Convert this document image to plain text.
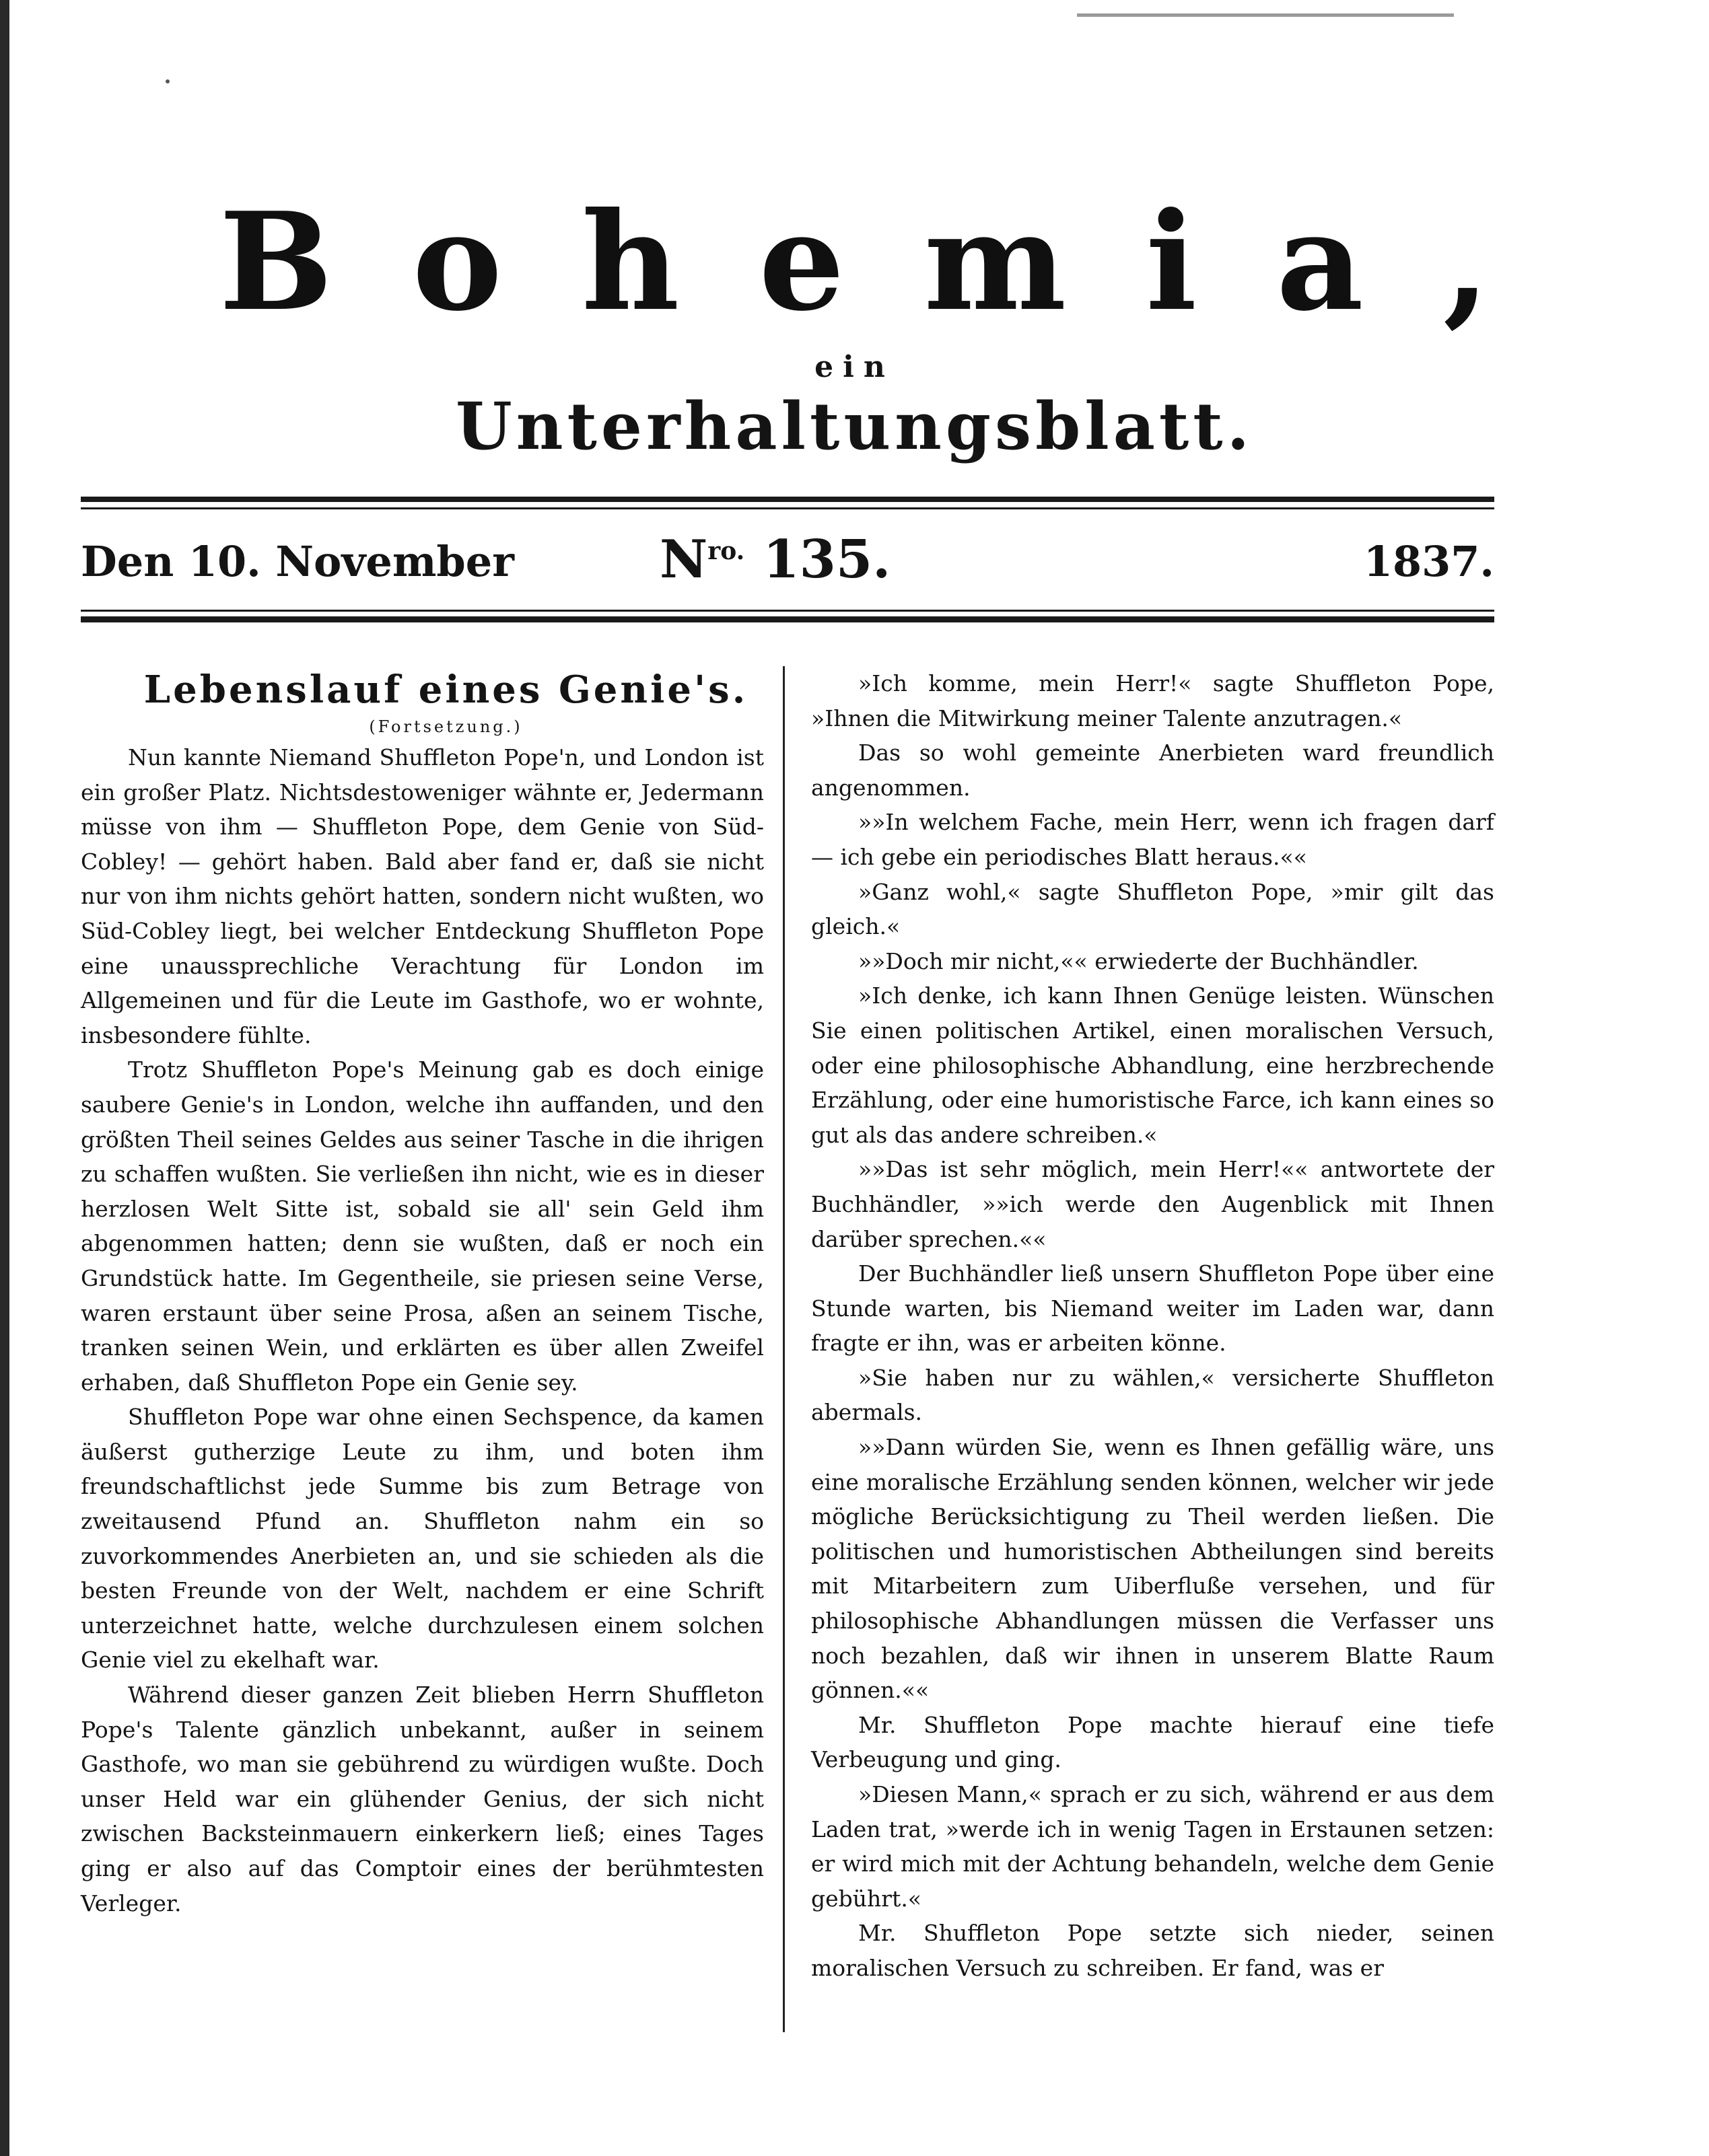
Bohemia,
ein
Unterhaltungsblatt.
Den 10. November	$N^{ro.}$ 135.	1837.

Lebenslauf eines Genie's.

(Fortsetzung.)

Nun kannte Niemand Shuffleton Pope'n, und London ist ein großer Platz. Nichtsdestoweniger wähnte er, Jedermann müsse von ihm — Shuffleton Pope, dem Genie von Süd-Cobley! — gehört haben. Bald aber fand er, daß sie nicht nur von ihm nichts gehört hatten, sondern nicht wußten, wo Süd-Cobley liegt, bei welcher Entdeckung Shuffleton Pope eine unaussprechliche Verachtung für London im Allgemeinen und für die Leute im Gasthofe, wo er wohnte, insbesondere fühlte.

Trotz Shuffleton Pope's Meinung gab es doch einige saubere Genie's in London, welche ihn auffanden, und den größten Theil seines Geldes aus seiner Tasche in die ihrigen zu schaffen wußten. Sie verließen ihn nicht, wie es in dieser herzlosen Welt Sitte ist, sobald sie all' sein Geld ihm abgenommen hatten; denn sie wußten, daß er noch ein Grundstück hatte. Im Gegentheile, sie priesen seine Verse, waren erstaunt über seine Prosa, aßen an seinem Tische, tranken seinen Wein, und erklärten es über allen Zweifel erhaben, daß Shuffleton Pope ein Genie sey.

Shuffleton Pope war ohne einen Sechspence, da kamen äußerst gutherzige Leute zu ihm, und boten ihm freundschaftlichst jede Summe bis zum Betrage von zweitausend Pfund an. Shuffleton nahm ein so zuvorkommendes Anerbieten an, und sie schieden als die besten Freunde von der Welt, nachdem er eine Schrift unterzeichnet hatte, welche durchzulesen einem solchen Genie viel zu ekelhaft war.

Während dieser ganzen Zeit blieben Herrn Shuffleton Pope's Talente gänzlich unbekannt, außer in seinem Gasthofe, wo man sie gebührend zu würdigen wußte. Doch unser Held war ein glühender Genius, der sich nicht zwischen Backsteinmauern einkerkern ließ; eines Tages ging er also auf das Comptoir eines der berühmtesten Verleger.

»Ich komme, mein Herr!« sagte Shuffleton Pope, »Ihnen die Mitwirkung meiner Talente anzutragen.«

Das so wohl gemeinte Anerbieten ward freundlich angenommen.

»»In welchem Fache, mein Herr, wenn ich fragen darf — ich gebe ein periodisches Blatt heraus.««

»Ganz wohl,« sagte Shuffleton Pope, »mir gilt das gleich.«

»»Doch mir nicht,«« erwiederte der Buchhändler.

»Ich denke, ich kann Ihnen Genüge leisten. Wünschen Sie einen politischen Artikel, einen moralischen Versuch, oder eine philosophische Abhandlung, eine herzbrechende Erzählung, oder eine humoristische Farce, ich kann eines so gut als das andere schreiben.«

»»Das ist sehr möglich, mein Herr!«« antwortete der Buchhändler, »»ich werde den Augenblick mit Ihnen darüber sprechen.««

Der Buchhändler ließ unsern Shuffleton Pope über eine Stunde warten, bis Niemand weiter im Laden war, dann fragte er ihn, was er arbeiten könne.

»Sie haben nur zu wählen,« versicherte Shuffleton abermals.

»»Dann würden Sie, wenn es Ihnen gefällig wäre, uns eine moralische Erzählung senden können, welcher wir jede mögliche Berücksichtigung zu Theil werden ließen. Die politischen und humoristischen Abtheilungen sind bereits mit Mitarbeitern zum Uiberfluße versehen, und für philosophische Abhandlungen müssen die Verfasser uns noch bezahlen, daß wir ihnen in unserem Blatte Raum gönnen.««

Mr. Shuffleton Pope machte hierauf eine tiefe Verbeugung und ging.

»Diesen Mann,« sprach er zu sich, während er aus dem Laden trat, »werde ich in wenig Tagen in Erstaunen setzen: er wird mich mit der Achtung behandeln, welche dem Genie gebührt.«

Mr. Shuffleton Pope setzte sich nieder, seinen moralischen Versuch zu schreiben. Er fand, was er
